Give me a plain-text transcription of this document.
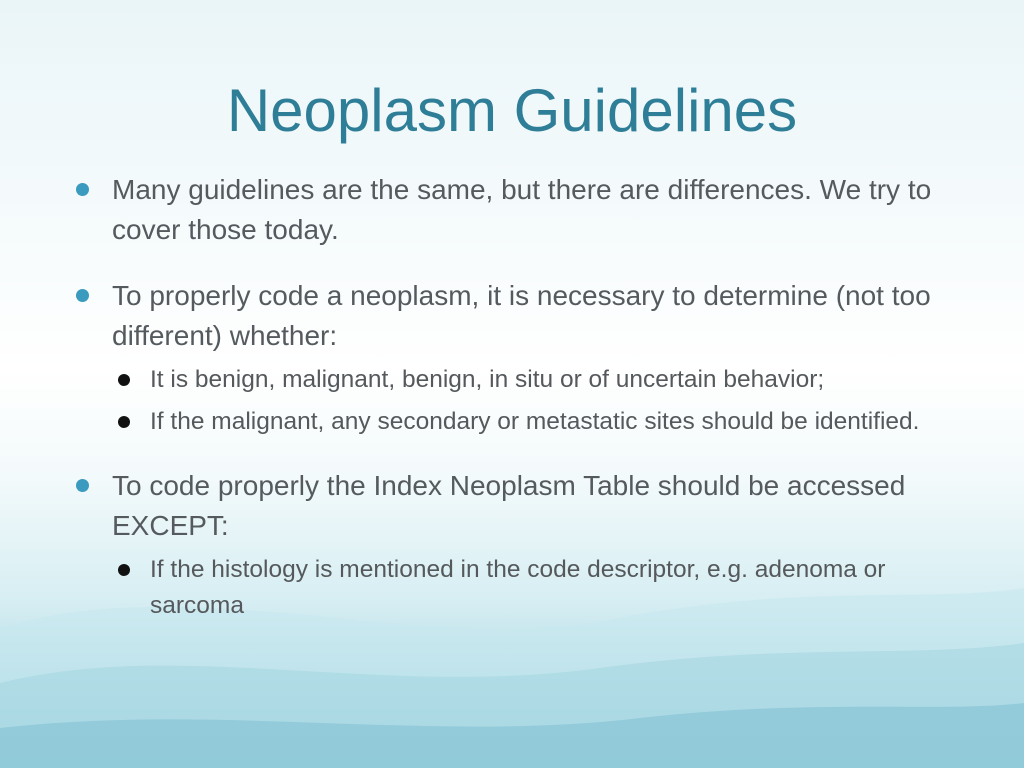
Neoplasm Guidelines
Many guidelines are the same, but there are differences. We try to cover those today.
To properly code a neoplasm, it is necessary to determine (not too different) whether:
It is benign, malignant, benign, in situ or of uncertain behavior;
If the malignant, any secondary or metastatic sites should be identified.
To code properly the Index Neoplasm Table should be accessed EXCEPT:
If the histology is mentioned in the code descriptor, e.g. adenoma or sarcoma
